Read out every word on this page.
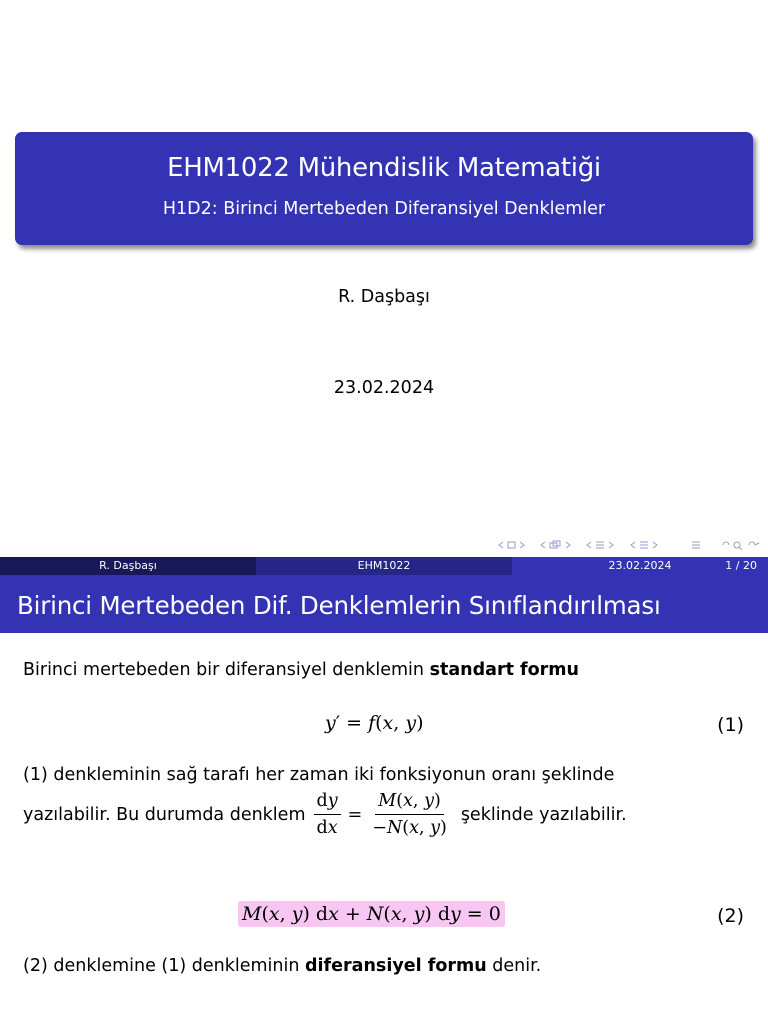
EHM1022 Mühendislik Matematiği
H1D2: Birinci Mertebeden Diferansiyel Denklemler
R. Daşbaşı
23.02.2024
R. Daşbaşı	EHM1022	23.02.2024	1 / 20
Birinci Mertebeden Dif. Denklemlerin Sınıflandırılması
Birinci mertebeden bir diferansiyel denklemin standart formu
y′ = f(x, y)	(1)
(1) denkleminin sağ tarafı her zaman iki fonksiyonun oranı şeklinde
yazılabilir. Bu durumda denklem $\frac{dy}{dx} = \frac{M(x, y)}{-N(x, y)}$ şeklinde yazılabilir.
M(x, y) dx + N(x, y) dy = 0	(2)
(2) denklemine (1) denkleminin diferansiyel formu denir.
